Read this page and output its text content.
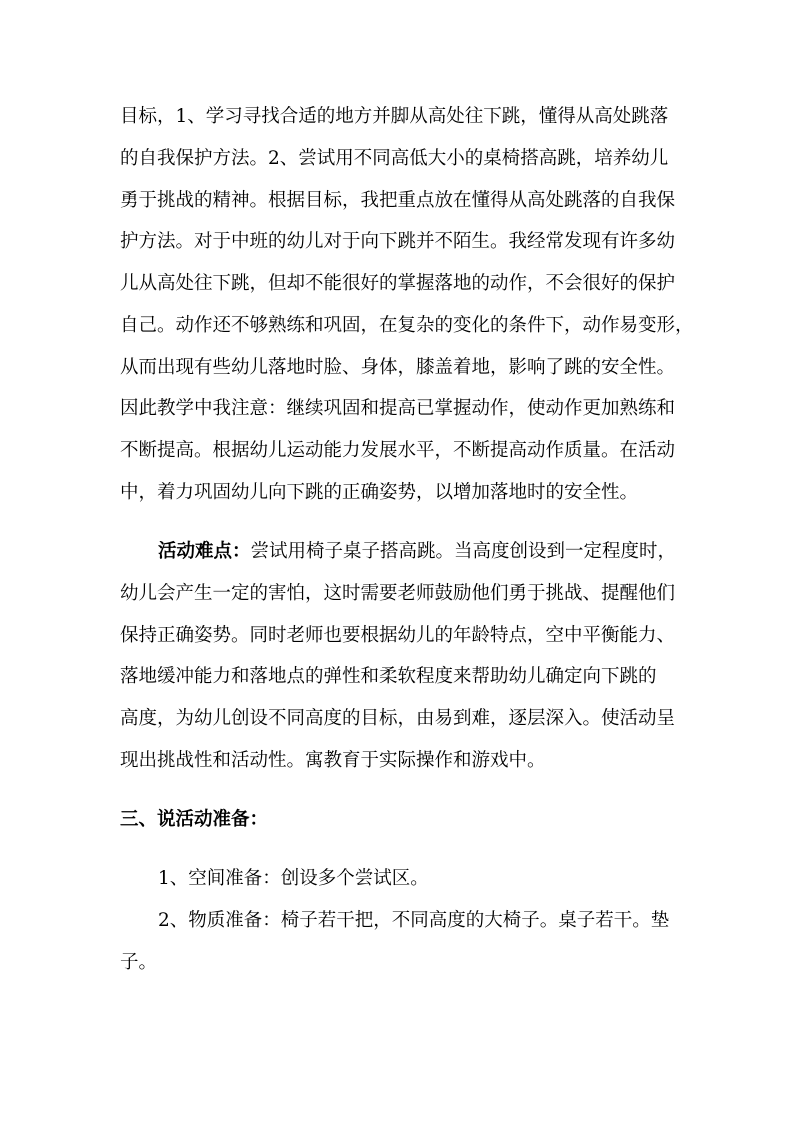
目标，1、学习寻找合适的地方并脚从高处往下跳，懂得从高处跳落
的自我保护方法。2、尝试用不同高低大小的桌椅搭高跳，培养幼儿
勇于挑战的精神。根据目标，我把重点放在懂得从高处跳落的自我保
护方法。对于中班的幼儿对于向下跳并不陌生。我经常发现有许多幼
儿从高处往下跳，但却不能很好的掌握落地的动作，不会很好的保护
自己。动作还不够熟练和巩固，在复杂的变化的条件下，动作易变形，
从而出现有些幼儿落地时脸、身体，膝盖着地，影响了跳的安全性。
因此教学中我注意：继续巩固和提高已掌握动作，使动作更加熟练和
不断提高。根据幼儿运动能力发展水平，不断提高动作质量。在活动
中，着力巩固幼儿向下跳的正确姿势，以增加落地时的安全性。
活动难点：尝试用椅子桌子搭高跳。当高度创设到一定程度时，
幼儿会产生一定的害怕，这时需要老师鼓励他们勇于挑战、提醒他们
保持正确姿势。同时老师也要根据幼儿的年龄特点，空中平衡能力、
落地缓冲能力和落地点的弹性和柔软程度来帮助幼儿确定向下跳的
高度，为幼儿创设不同高度的目标，由易到难，逐层深入。使活动呈
现出挑战性和活动性。寓教育于实际操作和游戏中。
三、说活动准备：
1、空间准备：创设多个尝试区。
2、物质准备：椅子若干把，不同高度的大椅子。桌子若干。垫
子。
